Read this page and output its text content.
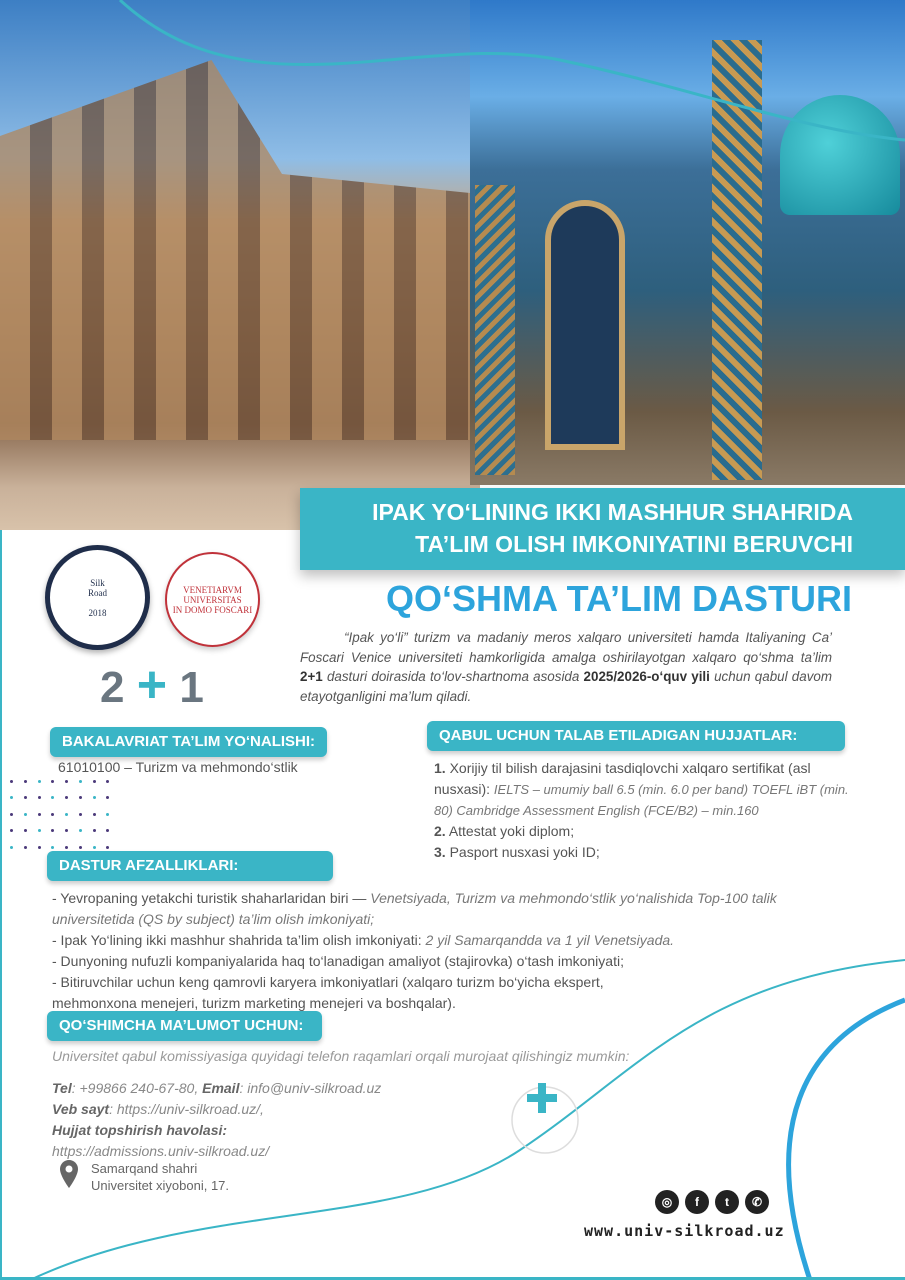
IPAK YO‘LINING IKKI MASHHUR SHAHRIDA
TA’LIM OLISH IMKONIYATINI BERUVCHI
Silk
Road

2018
VENETIARVM
UNIVERSITAS
IN DOMO FOSCARI
2 + 1
QO‘SHMA TA’LIM DASTURI

“Ipak yo‘li” turizm va madaniy meros xalqaro universiteti hamda Italiyaning Ca’ Foscari Venice universiteti hamkorligida amalga oshirilayotgan xalqaro qo‘shma ta’lim 2+1 dasturi doirasida to‘lov-shartnoma asosida 2025/2026-o‘quv yili uchun qabul davom etayotganligini ma’lum qiladi.

BAKALAVRIAT TA’LIM YO‘NALISHI:
61010100 – Turizm va mehmondo‘stlik
QABUL UCHUN TALAB ETILADIGAN HUJJATLAR:
1. Xorijiy til bilish darajasini tasdiqlovchi xalqaro sertifikat (asl nusxasi): IELTS – umumiy ball 6.5 (min. 6.0 per band) TOEFL iBT (min. 80) Cambridge Assessment English (FCE/B2) – min.160
2. Attestat yoki diplom;
3. Pasport nusxasi yoki ID;
DASTUR AFZALLIKLARI:
- Yevropaning yetakchi turistik shaharlaridan biri — Venetsiyada, Turizm va mehmondo‘stlik yo‘nalishida Top-100 talik universitetida (QS by subject) ta’lim olish imkoniyati;
- Ipak Yo‘lining ikki mashhur shahrida ta’lim olish imkoniyati: 2 yil Samarqandda va 1 yil Venetsiyada.
- Dunyoning nufuzli kompaniyalarida haq to‘lanadigan amaliyot (stajirovka) o‘tash imkoniyati;
- Bitiruvchilar uchun keng qamrovli karyera imkoniyatlari (xalqaro turizm bo‘yicha ekspert, mehmonxona menejeri, turizm marketing menejeri va boshqalar).
QO‘SHIMCHA MA’LUMOT UCHUN:
Universitet qabul komissiyasiga quyidagi telefon raqamlari orqali murojaat qilishingiz mumkin:
Tel: +99866 240-67-80, Email: info@univ-silkroad.uz
Veb sayt: https://univ-silkroad.uz/,
Hujjat topshirish havolasi:
https://admissions.univ-silkroad.uz/
Samarqand shahri
Universitet xiyoboni, 17.
◎	f	t	✆
www.univ-silkroad.uz
